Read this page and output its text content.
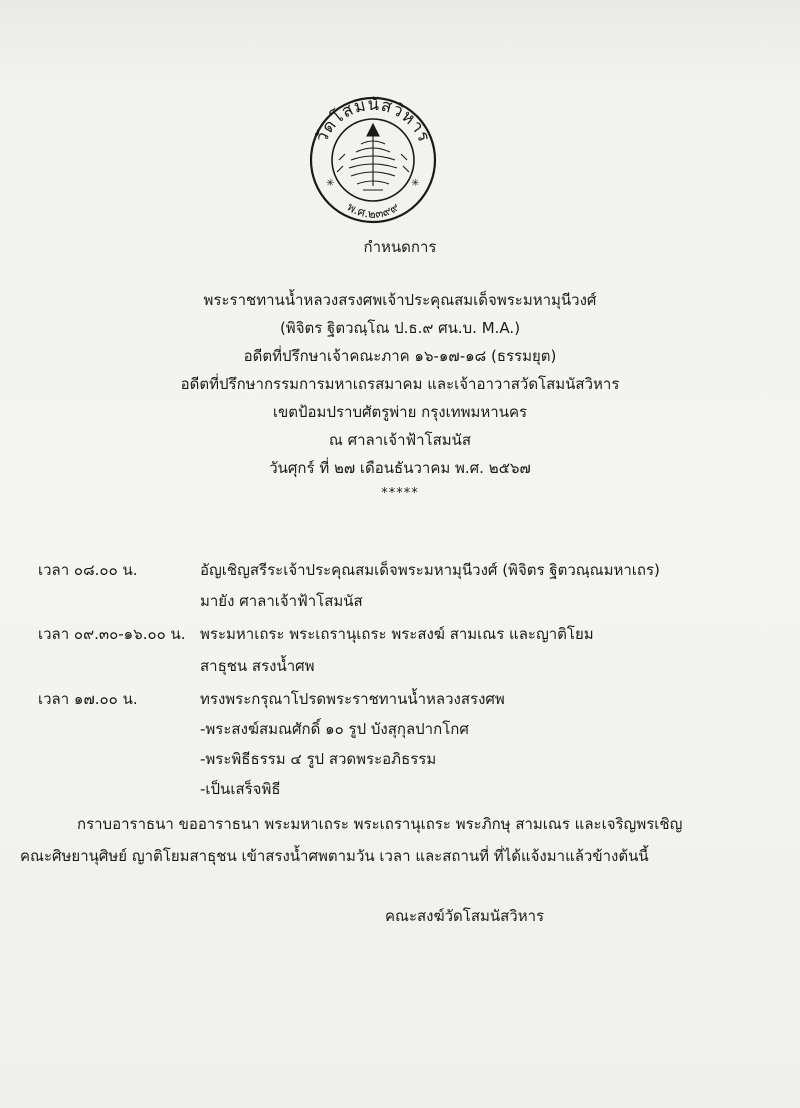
วัดโสมนัสวิหาร
พ.ศ.๒๓๙๙
✳	✳
กำหนดการ
พระราชทานน้ำหลวงสรงศพเจ้าประคุณสมเด็จพระมหามุนีวงศ์
(พิจิตร ฐิตวณฺโณ ป.ธ.๙ ศน.บ. M.A.)
อดีตที่ปรึกษาเจ้าคณะภาค ๑๖-๑๗-๑๘ (ธรรมยุต)
อดีตที่ปรึกษากรรมการมหาเถรสมาคม และเจ้าอาวาสวัดโสมนัสวิหาร
เขตป้อมปราบศัตรูพ่าย กรุงเทพมหานคร
ณ ศาลาเจ้าฟ้าโสมนัส
วันศุกร์ ที่ ๒๗ เดือนธันวาคม พ.ศ. ๒๕๖๗
*****
เวลา ๐๘.๐๐ น.	อัญเชิญสรีระเจ้าประคุณสมเด็จพระมหามุนีวงศ์ (พิจิตร ฐิตวณฺณมหาเถร)
มายัง ศาลาเจ้าฟ้าโสมนัส
เวลา ๐๙.๓๐-๑๖.๐๐ น. พระมหาเถระ พระเถรานุเถระ พระสงฆ์ สามเณร และญาติโยม
สาธุชน สรงน้ำศพ
เวลา ๑๗.๐๐ น.	ทรงพระกรุณาโปรดพระราชทานน้ำหลวงสรงศพ
-พระสงฆ์สมณศักดิ์ ๑๐ รูป บังสุกุลปากโกศ
-พระพิธีธรรม ๔ รูป สวดพระอภิธรรม
-เป็นเสร็จพิธี
กราบอาราธนา ขออาราธนา พระมหาเถระ พระเถรานุเถระ พระภิกษุ สามเณร และเจริญพรเชิญ
คณะศิษยานุศิษย์ ญาติโยมสาธุชน เข้าสรงน้ำศพตามวัน เวลา และสถานที่ ที่ได้แจ้งมาแล้วข้างต้นนี้
คณะสงฆ์วัดโสมนัสวิหาร
